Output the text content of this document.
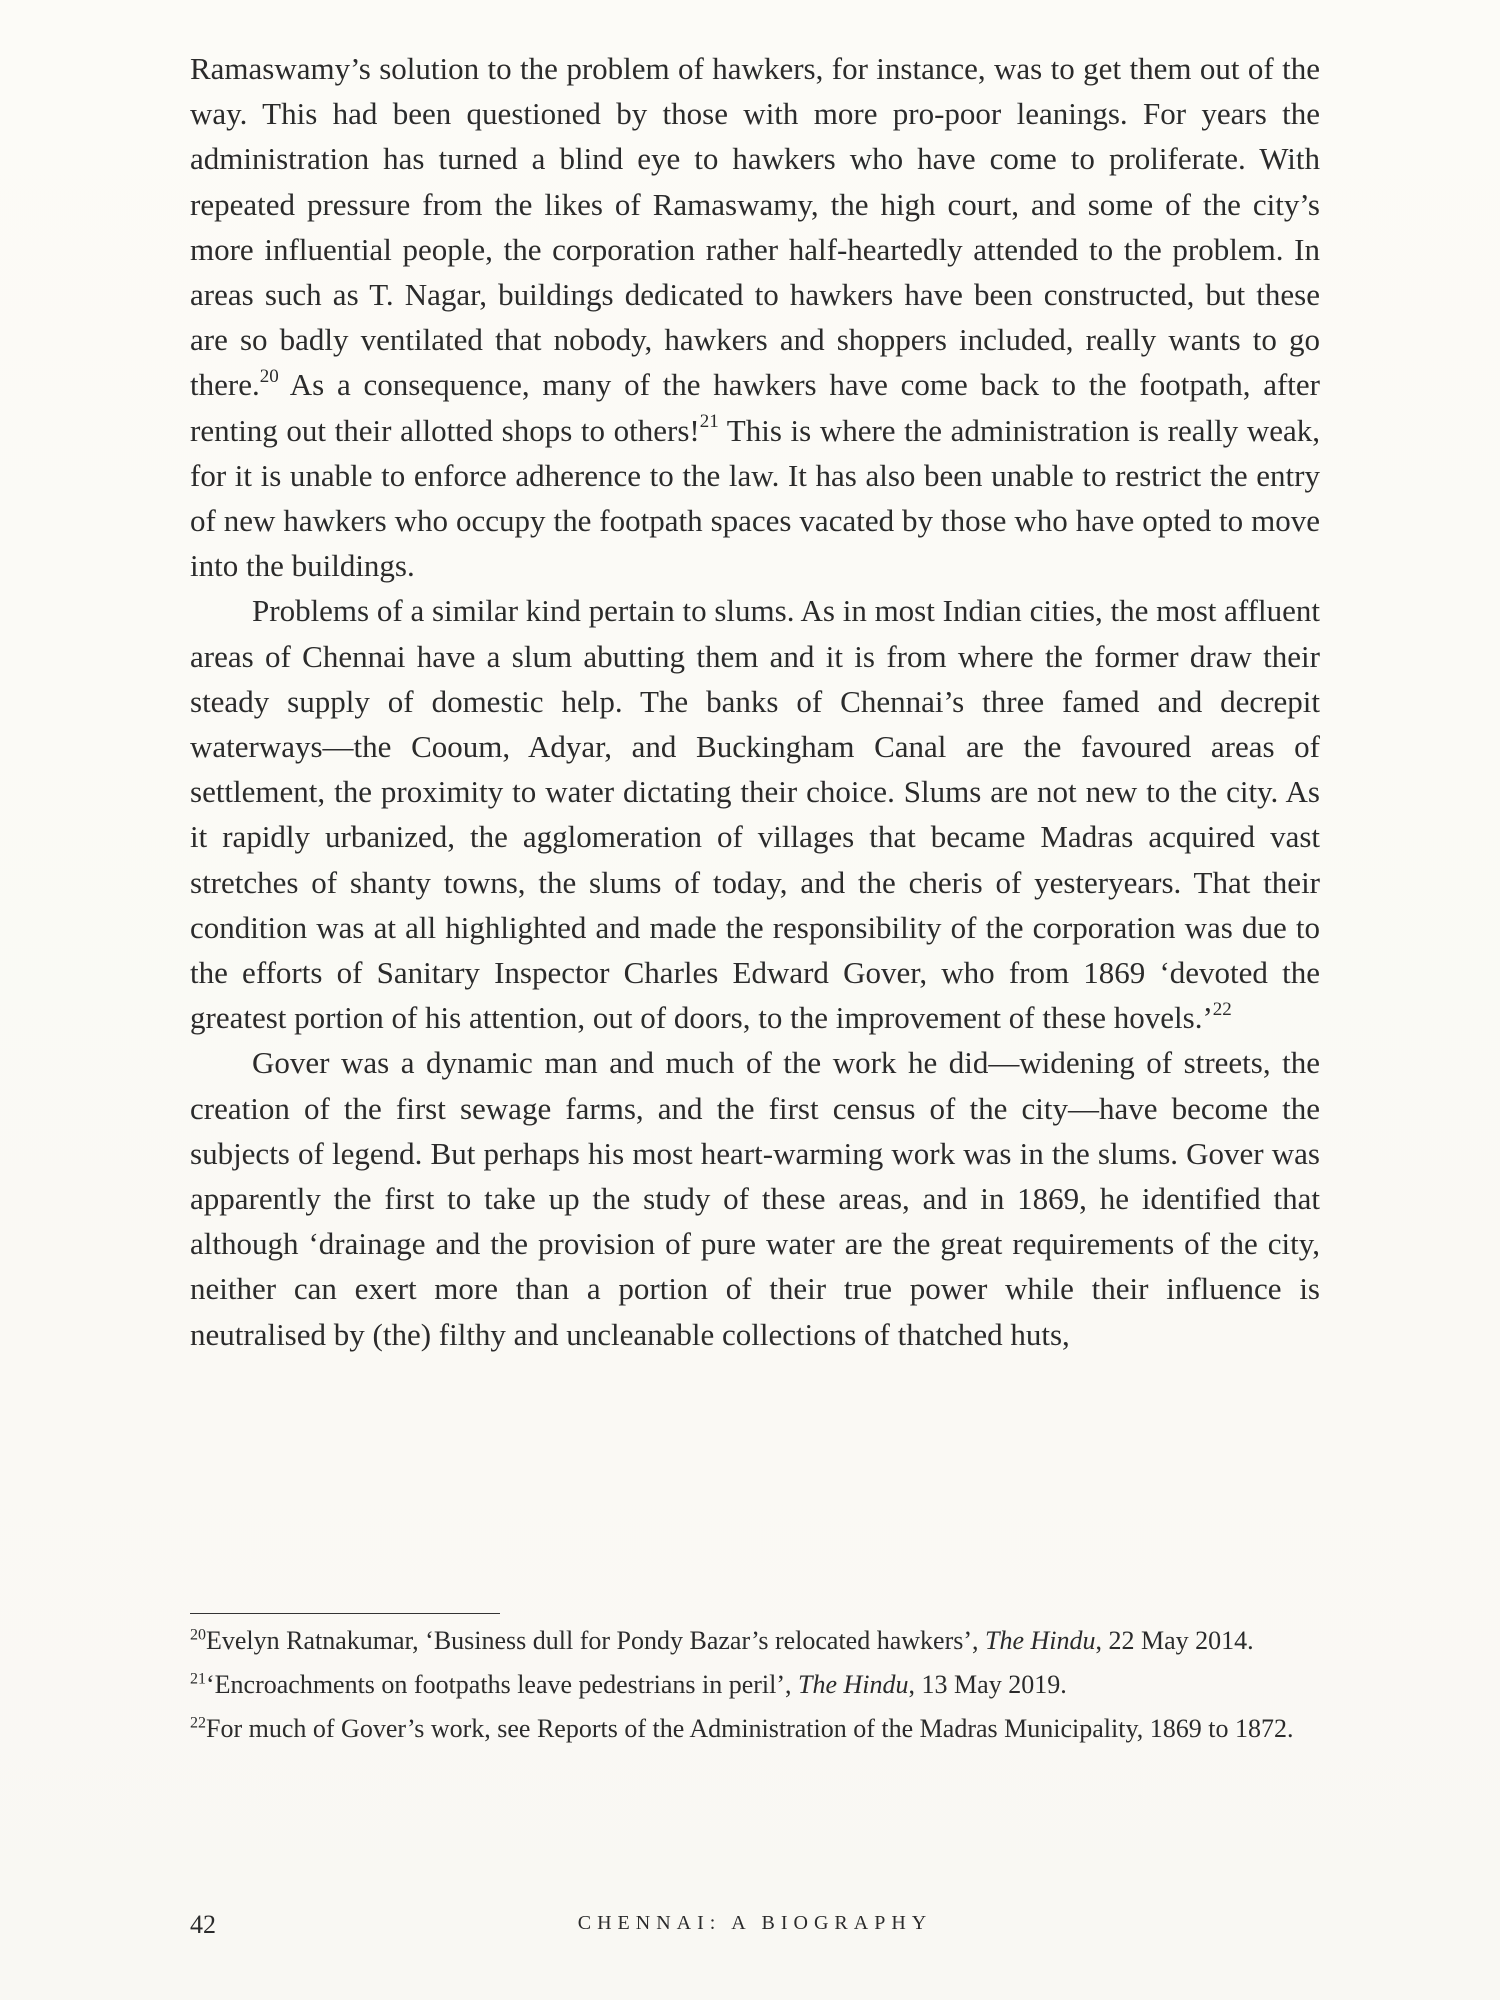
Ramaswamy’s solution to the problem of hawkers, for instance, was to get them out of the way. This had been questioned by those with more pro-poor leanings. For years the administration has turned a blind eye to hawkers who have come to proliferate. With repeated pressure from the likes of Ramaswamy, the high court, and some of the city’s more influential people, the corporation rather half-heartedly attended to the problem. In areas such as T. Nagar, buildings dedicated to hawkers have been constructed, but these are so badly ventilated that nobody, hawkers and shoppers included, really wants to go there.$^{20}$ As a consequence, many of the hawkers have come back to the footpath, after renting out their allotted shops to others!$^{21}$ This is where the administration is really weak, for it is unable to enforce adherence to the law. It has also been unable to restrict the entry of new hawkers who occupy the footpath spaces vacated by those who have opted to move into the buildings.

Problems of a similar kind pertain to slums. As in most Indian cities, the most affluent areas of Chennai have a slum abutting them and it is from where the former draw their steady supply of domestic help. The banks of Chennai’s three famed and decrepit waterways—the Cooum, Adyar, and Buckingham Canal are the favoured areas of settlement, the proximity to water dictating their choice. Slums are not new to the city. As it rapidly urbanized, the agglomeration of villages that became Madras acquired vast stretches of shanty towns, the slums of today, and the cheris of yesteryears. That their condition was at all highlighted and made the responsibility of the corporation was due to the efforts of Sanitary Inspector Charles Edward Gover, who from 1869 ‘devoted the greatest portion of his attention, out of doors, to the improvement of these hovels.’$^{22}$

Gover was a dynamic man and much of the work he did—widening of streets, the creation of the first sewage farms, and the first census of the city—have become the subjects of legend. But perhaps his most heart-warming work was in the slums. Gover was apparently the first to take up the study of these areas, and in 1869, he identified that although ‘drainage and the provision of pure water are the great requirements of the city, neither can exert more than a portion of their true power while their influence is neutralised by (the) filthy and uncleanable collections of thatched huts,

$^{20}$Evelyn Ratnakumar, ‘Business dull for Pondy Bazar’s relocated hawkers’, The Hindu, 22 May 2014.

$^{21}$‘Encroachments on footpaths leave pedestrians in peril’, The Hindu, 13 May 2019.

$^{22}$For much of Gover’s work, see Reports of the Administration of the Madras Municipality, 1869 to 1872.

42	CHENNAI: A BIOGRAPHY
